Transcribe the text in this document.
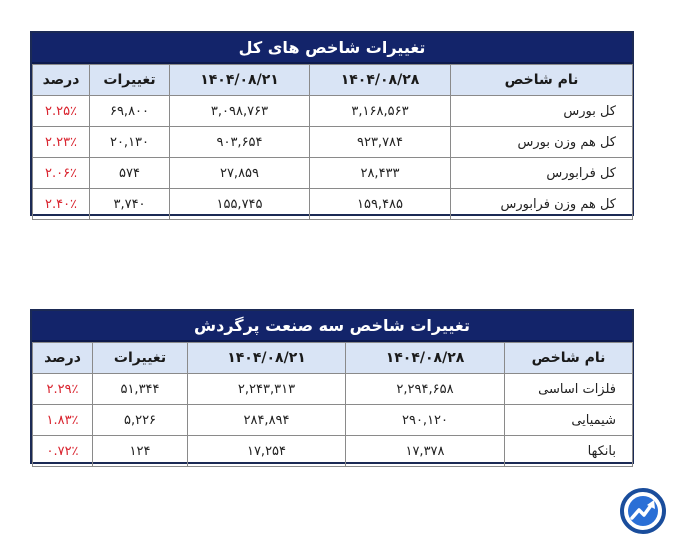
تغییرات شاخص های کل
نام شاخص	۱۴۰۴/۰۸/۲۸	۱۴۰۴/۰۸/۲۱	تغییرات	درصد
کل بورس	۳,۱۶۸,۵۶۳	۳,۰۹۸,۷۶۳	۶۹,۸۰۰	۲.۲۵٪
کل هم وزن بورس	۹۲۳,۷۸۴	۹۰۳,۶۵۴	۲۰,۱۳۰	۲.۲۳٪
کل فرابورس	۲۸,۴۳۳	۲۷,۸۵۹	۵۷۴	۲.۰۶٪
کل هم وزن فرابورس	۱۵۹,۴۸۵	۱۵۵,۷۴۵	۳,۷۴۰	۲.۴۰٪
تغییرات شاخص سه صنعت پرگردش
نام شاخص	۱۴۰۴/۰۸/۲۸	۱۴۰۴/۰۸/۲۱	تغییرات	درصد
فلزات اساسی	۲,۲۹۴,۶۵۸	۲,۲۴۳,۳۱۳	۵۱,۳۴۴	۲.۲۹٪
شیمیایی	۲۹۰,۱۲۰	۲۸۴,۸۹۴	۵,۲۲۶	۱.۸۳٪
بانکها	۱۷,۳۷۸	۱۷,۲۵۴	۱۲۴	۰.۷۲٪
